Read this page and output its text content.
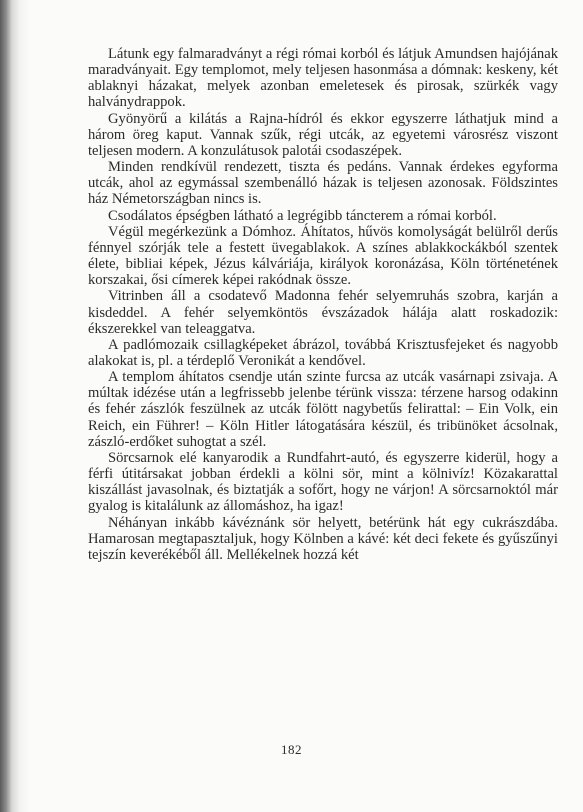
Látunk egy falmaradványt a régi római korból és látjuk Amundsen hajójának maradványait. Egy templomot, mely teljesen hasonmása a dómnak: keskeny, két ablaknyi házakat, melyek azonban emeletesek és pirosak, szürkék vagy halványdrappok.

Gyönyörű a kilátás a Rajna-hídról és ekkor egyszerre láthatjuk mind a három öreg kaput. Vannak szűk, régi utcák, az egyetemi városrész viszont teljesen modern. A konzulátusok palotái csodaszépek.

Minden rendkívül rendezett, tiszta és pedáns. Vannak érdekes egyforma utcák, ahol az egymással szembenálló házak is teljesen azonosak. Földszintes ház Németországban nincs is.

Csodálatos épségben látható a legrégibb táncterem a római korból.

Végül megérkezünk a Dómhoz. Áhítatos, hűvös komolyságát belülről derűs fénnyel szórják tele a festett üvegablakok. A színes ablakkockákból szentek élete, bibliai képek, Jézus kálváriája, királyok koronázása, Köln történetének korszakai, ősi címerek képei rakódnak össze.

Vitrinben áll a csodatevő Madonna fehér selyemruhás szobra, karján a kisdeddel. A fehér selyemköntös évszázadok hálája alatt roskadozik: ékszerekkel van teleaggatva.

A padlómozaik csillagképeket ábrázol, továbbá Krisztusfejeket és nagyobb alakokat is, pl. a térdeplő Veronikát a kendővel.

A templom áhítatos csendje után szinte furcsa az utcák vasárnapi zsivaja. A múltak idézése után a legfrissebb jelenbe térünk vissza: térzene harsog odakinn és fehér zászlók feszülnek az utcák fölött nagybetűs felirattal: – Ein Volk, ein Reich, ein Führer! – Köln Hitler látogatására készül, és tribünöket ácsolnak, zászló-erdőket suhogtat a szél.

Sörcsarnok elé kanyarodik a Rundfahrt-autó, és egyszerre kiderül, hogy a férfi útitársakat jobban érdekli a kölni sör, mint a kölnivíz! Közakarattal kiszállást javasolnak, és biztatják a sofőrt, hogy ne várjon! A sörcsarnoktól már gyalog is kitalálunk az állomáshoz, ha igaz!

Néhányan inkább kávéznánk sör helyett, betérünk hát egy cukrászdába. Hamarosan megtapasztaljuk, hogy Kölnben a kávé: két deci fekete és gyűszűnyi tejszín keverékéből áll. Mellékelnek hozzá két

182
